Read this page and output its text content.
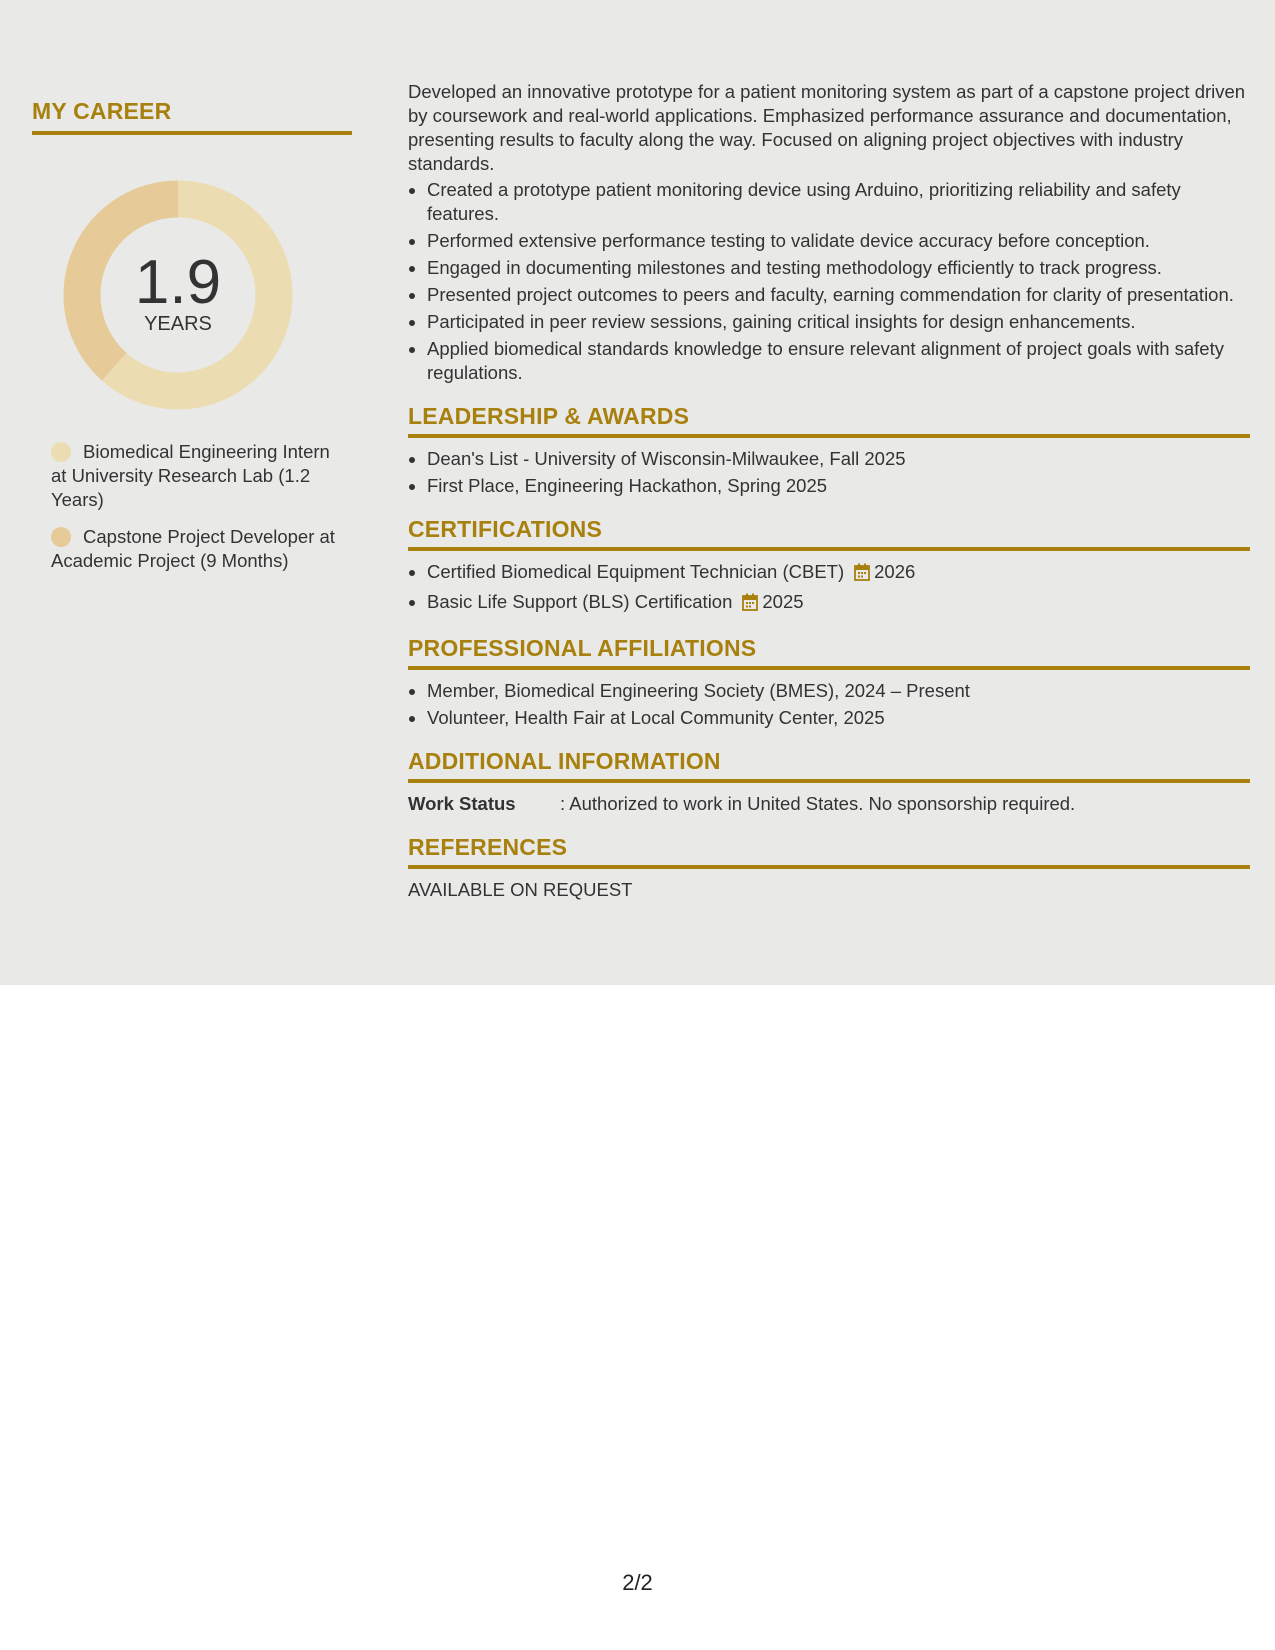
MY CAREER
1.9
YEARS
Biomedical Engineering Intern at University Research Lab (1.2 Years)
Capstone Project Developer at Academic Project (9 Months)

Developed an innovative prototype for a patient monitoring system as part of a capstone project driven by coursework and real-world applications. Emphasized performance assurance and documentation, presenting results to faculty along the way. Focused on aligning project objectives with industry standards.

• Created a prototype patient monitoring device using Arduino, prioritizing reliability and safety features.
• Performed extensive performance testing to validate device accuracy before conception.
• Engaged in documenting milestones and testing methodology efficiently to track progress.
• Presented project outcomes to peers and faculty, earning commendation for clarity of presentation.
• Participated in peer review sessions, gaining critical insights for design enhancements.
• Applied biomedical standards knowledge to ensure relevant alignment of project goals with safety regulations.
LEADERSHIP & AWARDS
• Dean's List - University of Wisconsin-Milwaukee, Fall 2025
• First Place, Engineering Hackathon, Spring 2025
CERTIFICATIONS
• Certified Biomedical Equipment Technician (CBET) 2026
• Basic Life Support (BLS) Certification 2025
PROFESSIONAL AFFILIATIONS
• Member, Biomedical Engineering Society (BMES), 2024 – Present
• Volunteer, Health Fair at Local Community Center, 2025
ADDITIONAL INFORMATION
Work Status : Authorized to work in United States. No sponsorship required.
REFERENCES

AVAILABLE ON REQUEST

2/2
